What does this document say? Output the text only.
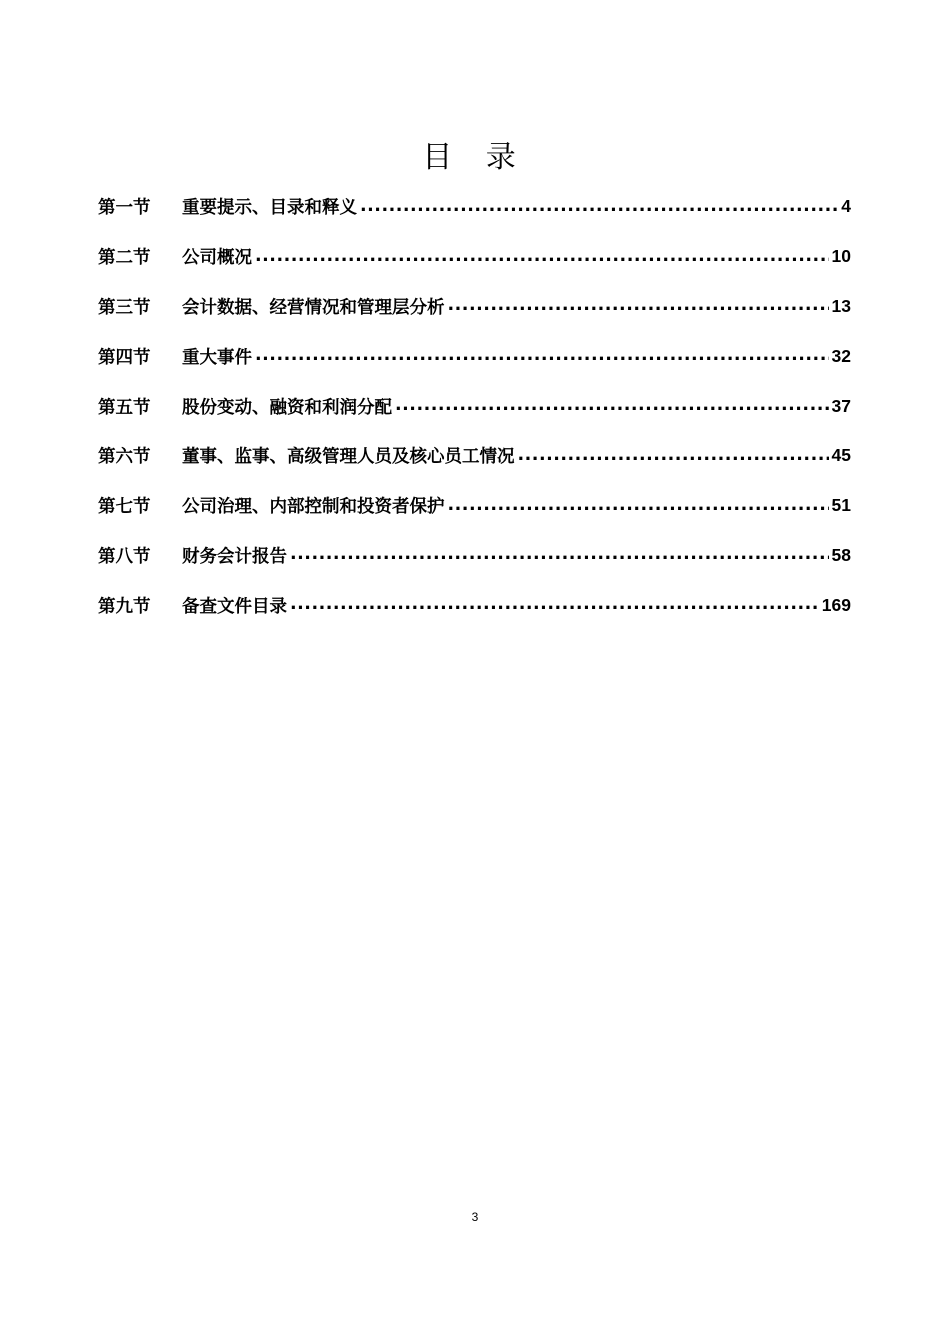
目 录
第一节	重要提示、目录和释义 .....	4
第二节	公司概况 .....	10
第三节	会计数据、经营情况和管理层分析 .....	13
第四节	重大事件 .....	32
第五节	股份变动、融资和利润分配 .....	37
第六节	董事、监事、高级管理人员及核心员工情况 .....	45
第七节	公司治理、内部控制和投资者保护 .....	51
第八节	财务会计报告 .....	58
第九节	备查文件目录 .....	169
3
